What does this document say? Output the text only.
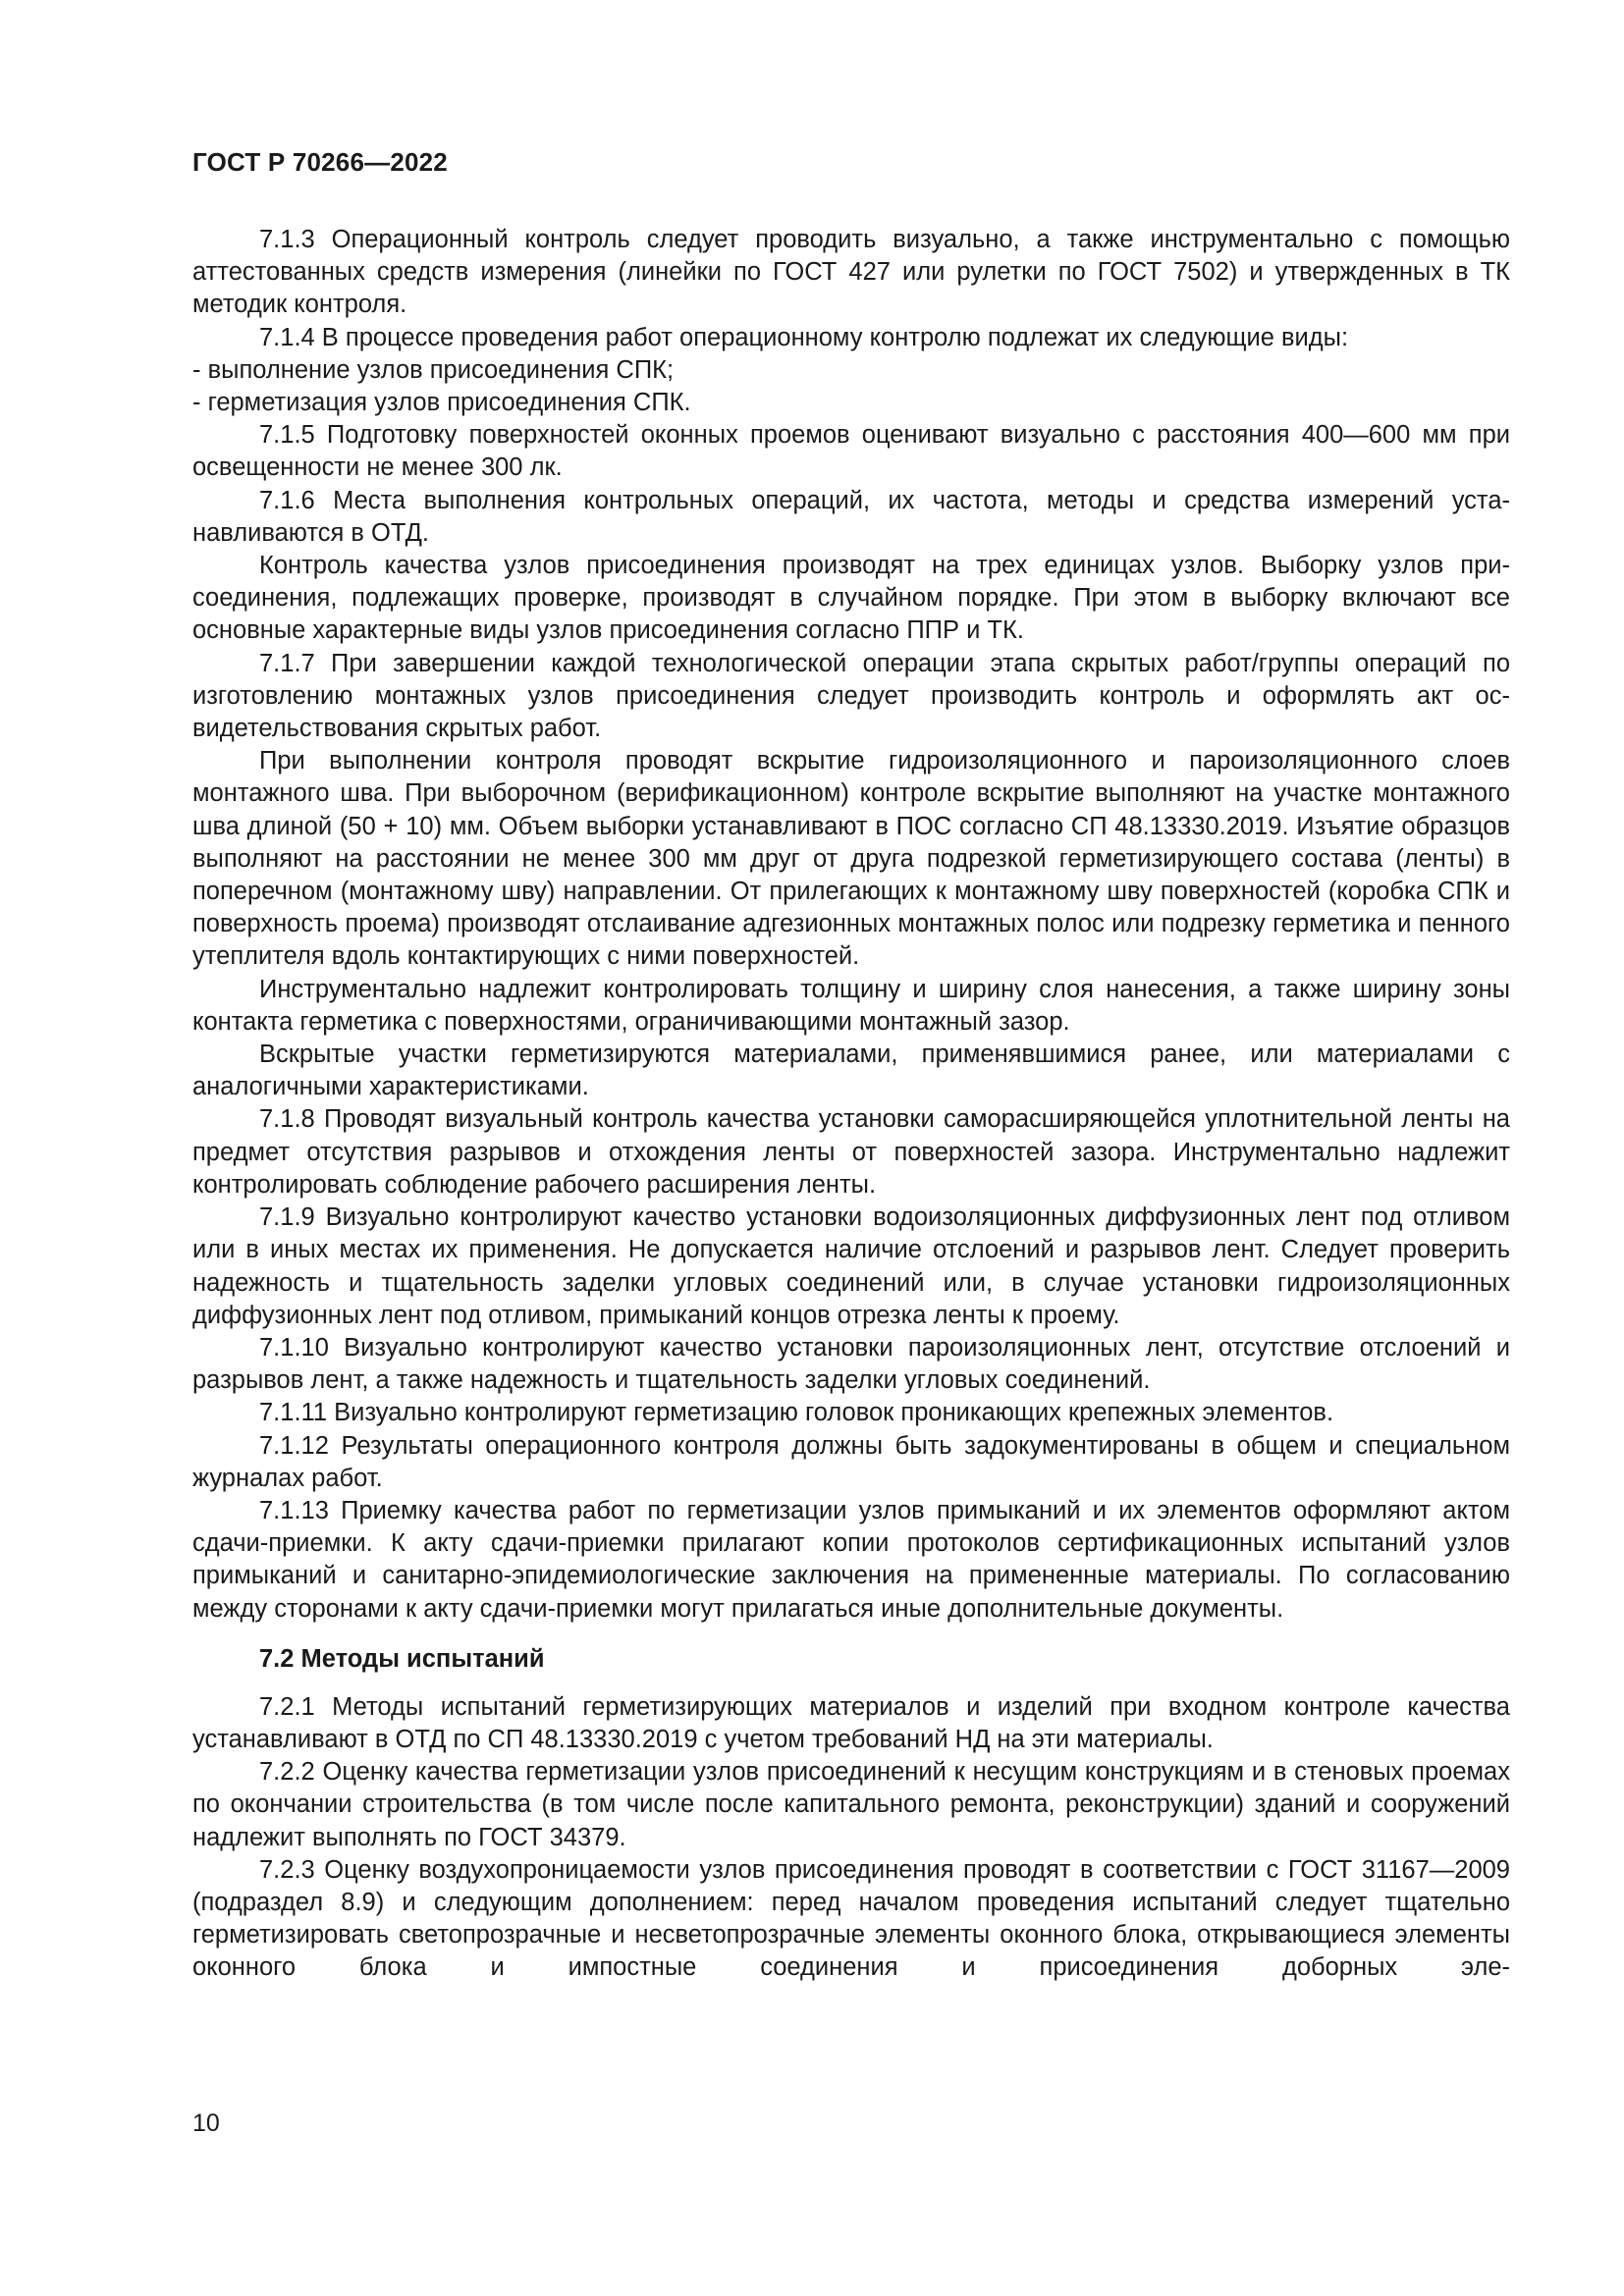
ГОСТ Р 70266—2022

7.1.3 Операционный контроль следует проводить визуально, а также инструментально с помощью аттестованных средств измерения (линейки по ГОСТ 427 или рулетки по ГОСТ 7502) и утвержденных в ТК методик контроля.

7.1.4 В процессе проведения работ операционному контролю подлежат их следующие виды:

- выполнение узлов присоединения СПК;

- герметизация узлов присоединения СПК.

7.1.5 Подготовку поверхностей оконных проемов оценивают визуально с расстояния 400—600 мм при освещенности не менее 300 лк.

7.1.6 Места выполнения контрольных операций, их частота, методы и средства измерений устанавливаются в ОТД.

Контроль качества узлов присоединения производят на трех единицах узлов. Выборку узлов присоединения, подлежащих проверке, производят в случайном порядке. При этом в выборку включают все основные характерные виды узлов присоединения согласно ППР и ТК.

7.1.7 При завершении каждой технологической операции этапа скрытых работ/группы операций по изготовлению монтажных узлов присоединения следует производить контроль и оформлять акт освидетельствования скрытых работ.

При выполнении контроля проводят вскрытие гидроизоляционного и пароизоляционного слоев монтажного шва. При выборочном (верификационном) контроле вскрытие выполняют на участке монтажного шва длиной (50 + 10) мм. Объем выборки устанавливают в ПОС согласно СП 48.13330.2019. Изъятие образцов выполняют на расстоянии не менее 300 мм друг от друга подрезкой герметизирующего состава (ленты) в поперечном (монтажному шву) направлении. От прилегающих к монтажному шву поверхностей (коробка СПК и поверхность проема) производят отслаивание адгезионных монтажных полос или подрезку герметика и пенного утеплителя вдоль контактирующих с ними поверхностей.

Инструментально надлежит контролировать толщину и ширину слоя нанесения, а также ширину зоны контакта герметика с поверхностями, ограничивающими монтажный зазор.

Вскрытые участки герметизируются материалами, применявшимися ранее, или материалами с аналогичными характеристиками.

7.1.8 Проводят визуальный контроль качества установки саморасширяющейся уплотнительной ленты на предмет отсутствия разрывов и отхождения ленты от поверхностей зазора. Инструментально надлежит контролировать соблюдение рабочего расширения ленты.

7.1.9 Визуально контролируют качество установки водоизоляционных диффузионных лент под отливом или в иных местах их применения. Не допускается наличие отслоений и разрывов лент. Следует проверить надежность и тщательность заделки угловых соединений или, в случае установки гидроизоляционных диффузионных лент под отливом, примыканий концов отрезка ленты к проему.

7.1.10 Визуально контролируют качество установки пароизоляционных лент, отсутствие отслоений и разрывов лент, а также надежность и тщательность заделки угловых соединений.

7.1.11 Визуально контролируют герметизацию головок проникающих крепежных элементов.

7.1.12 Результаты операционного контроля должны быть задокументированы в общем и специальном журналах работ.

7.1.13 Приемку качества работ по герметизации узлов примыканий и их элементов оформляют актом сдачи-приемки. К акту сдачи-приемки прилагают копии протоколов сертификационных испытаний узлов примыканий и санитарно-эпидемиологические заключения на примененные материалы. По согласованию между сторонами к акту сдачи-приемки могут прилагаться иные дополнительные документы.

7.2 Методы испытаний

7.2.1 Методы испытаний герметизирующих материалов и изделий при входном контроле качества устанавливают в ОТД по СП 48.13330.2019 с учетом требований НД на эти материалы.

7.2.2 Оценку качества герметизации узлов присоединений к несущим конструкциям и в стеновых проемах по окончании строительства (в том числе после капитального ремонта, реконструкции) зданий и сооружений надлежит выполнять по ГОСТ 34379.

7.2.3 Оценку воздухопроницаемости узлов присоединения проводят в соответствии с ГОСТ 31167—2009 (подраздел 8.9) и следующим дополнением: перед началом проведения испытаний следует тщательно герметизировать светопрозрачные и несветопрозрачные элементы оконного блока, открывающиеся элементы оконного блока и импостные соединения и присоединения доборных эле-

10
